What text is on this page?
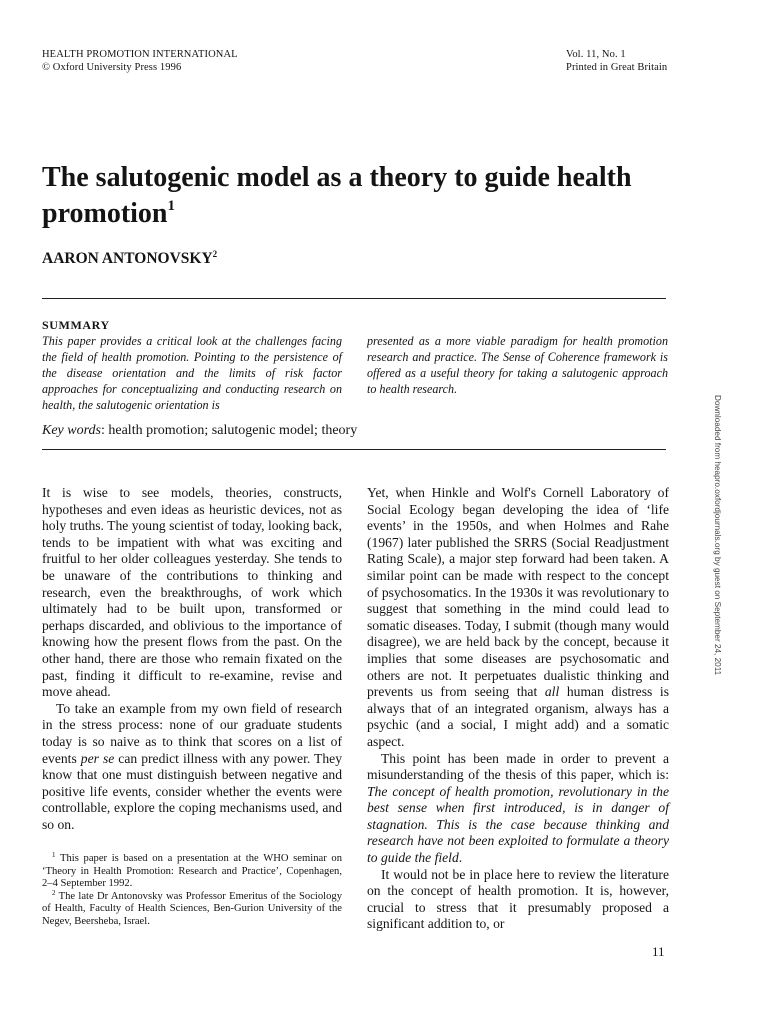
HEALTH PROMOTION INTERNATIONAL
© Oxford University Press 1996
Vol. 11, No. 1
Printed in Great Britain
The salutogenic model as a theory to guide health promotion$^1$
AARON ANTONOVSKY$^2$
SUMMARY

This paper provides a critical look at the challenges facing the field of health promotion. Pointing to the persistence of the disease orientation and the limits of risk factor approaches for conceptualizing and conducting research on health, the salutogenic orientation is

presented as a more viable paradigm for health promotion research and practice. The Sense of Coherence framework is offered as a useful theory for taking a salutogenic approach to health research.

Key words: health promotion; salutogenic model; theory

It is wise to see models, theories, constructs, hypotheses and even ideas as heuristic devices, not as holy truths. The young scientist of today, looking back, tends to be impatient with what was exciting and fruitful to her older colleagues yesterday. She tends to be unaware of the contributions to thinking and research, even the breakthroughs, of work which ultimately had to be built upon, transformed or perhaps discarded, and oblivious to the importance of knowing how the present flows from the past. On the other hand, there are those who remain fixated on the past, finding it difficult to re-examine, revise and move ahead.

To take an example from my own field of research in the stress process: none of our graduate students today is so naive as to think that scores on a list of events per se can predict illness with any power. They know that one must distinguish between negative and positive life events, consider whether the events were controllable, explore the coping mechanisms used, and so on.

$^1$ This paper is based on a presentation at the WHO seminar on ‘Theory in Health Promotion: Research and Practice’, Copenhagen, 2–4 September 1992.

$^2$ The late Dr Antonovsky was Professor Emeritus of the Sociology of Health, Faculty of Health Sciences, Ben-Gurion University of the Negev, Beersheba, Israel.

Yet, when Hinkle and Wolf's Cornell Laboratory of Social Ecology began developing the idea of ‘life events’ in the 1950s, and when Holmes and Rahe (1967) later published the SRRS (Social Readjustment Rating Scale), a major step forward had been taken. A similar point can be made with respect to the concept of psychosomatics. In the 1930s it was revolutionary to suggest that something in the mind could lead to somatic diseases. Today, I submit (though many would disagree), we are held back by the concept, because it implies that some diseases are psychosomatic and others are not. It perpetuates dualistic thinking and prevents us from seeing that all human distress is always that of an integrated organism, always has a psychic (and a social, I might add) and a somatic aspect.

This point has been made in order to prevent a misunderstanding of the thesis of this paper, which is: The concept of health promotion, revolutionary in the best sense when first introduced, is in danger of stagnation. This is the case because thinking and research have not been exploited to formulate a theory to guide the field.

It would not be in place here to review the literature on the concept of health promotion. It is, however, crucial to stress that it presumably proposed a significant addition to, or

11
Downloaded from heapro.oxfordjournals.org by guest on September 24, 2011
